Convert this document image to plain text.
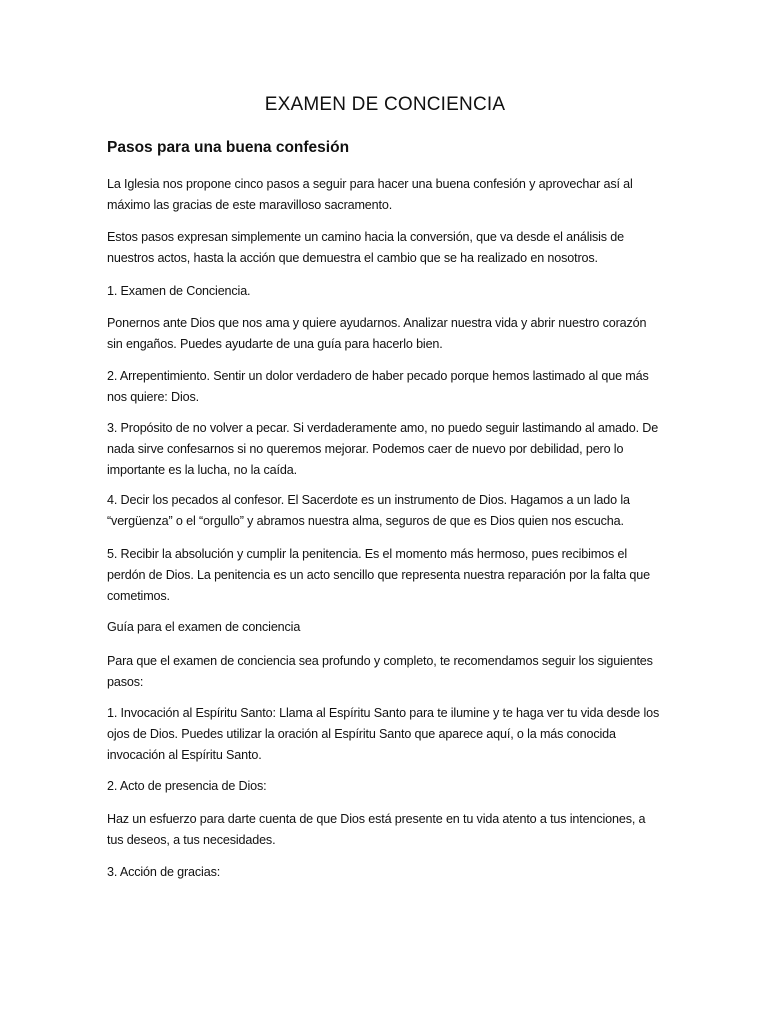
EXAMEN DE CONCIENCIA
Pasos para una buena confesión

La Iglesia nos propone cinco pasos a seguir para hacer una buena confesión y aprovechar así al máximo las gracias de este maravilloso sacramento.

Estos pasos expresan simplemente un camino hacia la conversión, que va desde el análisis de nuestros actos, hasta la acción que demuestra el cambio que se ha realizado en nosotros.

1. Examen de Conciencia.

Ponernos ante Dios que nos ama y quiere ayudarnos. Analizar nuestra vida y abrir nuestro corazón sin engaños. Puedes ayudarte de una guía para hacerlo bien.

2. Arrepentimiento. Sentir un dolor verdadero de haber pecado porque hemos lastimado al que más nos quiere: Dios.

3. Propósito de no volver a pecar. Si verdaderamente amo, no puedo seguir lastimando al amado. De nada sirve confesarnos si no queremos mejorar. Podemos caer de nuevo por debilidad, pero lo importante es la lucha, no la caída.

4. Decir los pecados al confesor. El Sacerdote es un instrumento de Dios. Hagamos a un lado la “vergüenza” o el “orgullo” y abramos nuestra alma, seguros de que es Dios quien nos escucha.

5. Recibir la absolución y cumplir la penitencia. Es el momento más hermoso, pues recibimos el perdón de Dios. La penitencia es un acto sencillo que representa nuestra reparación por la falta que cometimos.

Guía para el examen de conciencia

Para que el examen de conciencia sea profundo y completo, te recomendamos seguir los siguientes pasos:

1. Invocación al Espíritu Santo: Llama al Espíritu Santo para te ilumine y te haga ver tu vida desde los ojos de Dios. Puedes utilizar la oración al Espíritu Santo que aparece aquí, o la más conocida invocación al Espíritu Santo.

2. Acto de presencia de Dios:

Haz un esfuerzo para darte cuenta de que Dios está presente en tu vida atento a tus intenciones, a tus deseos, a tus necesidades.

3. Acción de gracias:
